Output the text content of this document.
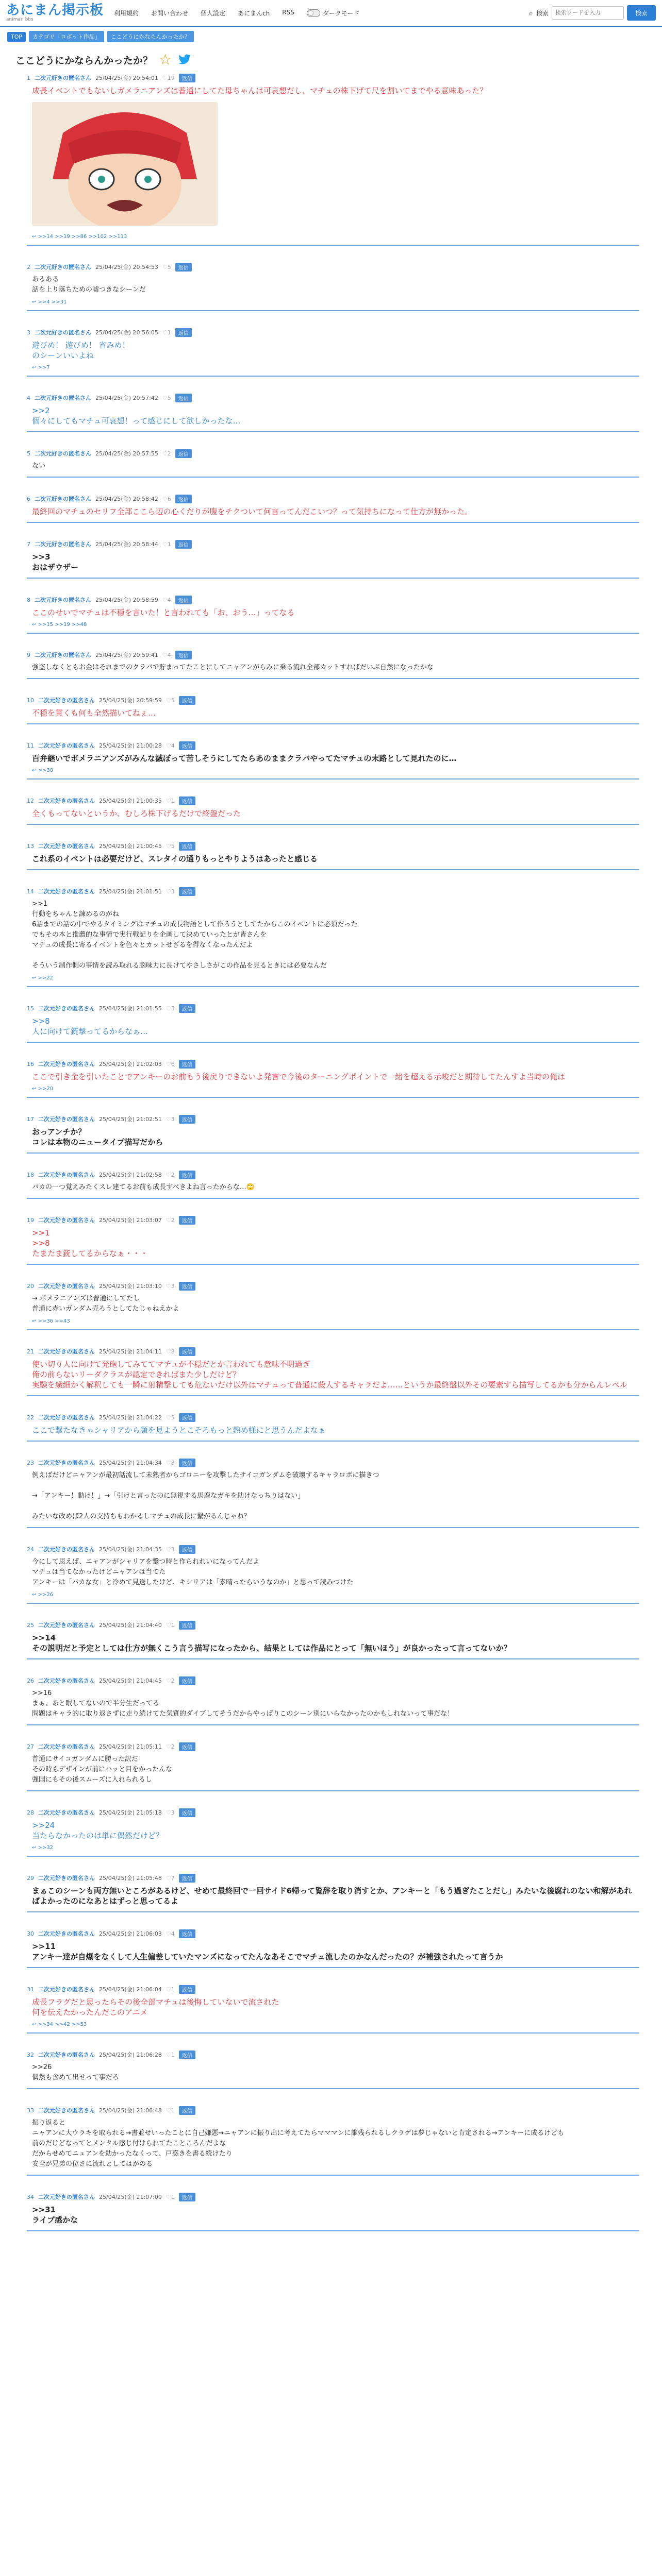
あにまん掲示板
animan bbs
利用規約 お問い合わせ 個人設定 あにまんch RSS	ダークモード	⌕ 検索
検索ワードを入力	検索
TOP	カテゴリ「ロボット作品」	ここどうにかならんかったか？
ここどうにかならんかったか？ ☆
1 二次元好きの匿名さん 25/04/25(金) 20:54:01 ♡19	返信
成長イベントでもないしガメラニアンズは普通にしてた母ちゃんは可哀想だし、マチュの株下げて尺を割いてまでやる意味あった？
↩ >>14 >>19 >>86 >>102 >>113
2 二次元好きの匿名さん 25/04/25(金) 20:54:53 ♡5	返信
あるある
話を上り落ちための嘘つきなシーンだ
↩ >>4 >>31
3 二次元好きの匿名さん 25/04/25(金) 20:56:05 ♡1	返信
遊びめ！ 遊びめ！ 省みめ！
のシーンいいよね
↩ >>7
4 二次元好きの匿名さん 25/04/25(金) 20:57:42 ♡5	返信
>>2
個々にしてもマチュ可哀想！って感じにして欲しかったな…
5 二次元好きの匿名さん 25/04/25(金) 20:57:55 ♡2	返信
ない
6 二次元好きの匿名さん 25/04/25(金) 20:58:42 ♡6	返信
最終回のマチュのセリフ全部ここら辺の心くだりが腹をチクついて何言ってんだこいつ？って気持ちになって仕方が無かった。
7 二次元好きの匿名さん 25/04/25(金) 20:58:44 ♡1	返信
>>3
おはザウザー
8 二次元好きの匿名さん 25/04/25(金) 20:58:59 ♡4	返信
ここのせいでマチュは不穏を言いた！と言われても「お、おう…」ってなる
↩ >>15 >>19 >>48
9 二次元好きの匿名さん 25/04/25(金) 20:59:41 ♡4	返信
強盗しなくともお金はそれまでのクラバで貯まってたことにしてニャアンがらみに乗る流れ全部カットすればだいぶ自然になったかな
10 二次元好きの匿名さん 25/04/25(金) 20:59:59 ♡5	返信
不穏を貫くも何も全然描いてねぇ…
11 二次元好きの匿名さん 25/04/25(金) 21:00:28 ♡4	返信
百弁継いでポメラニアンズがみんな滅ぼって苦しそうにしてたらあのままクラバやってたマチュの末路として見れたのに…
↩ >>30
12 二次元好きの匿名さん 25/04/25(金) 21:00:35 ♡1	返信
全くもってないというか、むしろ株下げるだけで終盤だった
13 二次元好きの匿名さん 25/04/25(金) 21:00:45 ♡5	返信
これ系のイベントは必要だけど、スレタイの通りもっとやりようはあったと感じる
14 二次元好きの匿名さん 25/04/25(金) 21:01:51 ♡3	返信
>>1
行動をちゃんと諫めるのがね
6話までの話の中でやるタイミングはマチュの成長物語として作ろうとしてたからこのイベントは必須だった
でもその本と推薦的な事情で実行戦記りを企画して決めていったとが皆さんを
マチュの成長に寄るイベントを色々とカットせざるを得なくなったんだよ

そういう制作側の事情を読み取れる脳味力に長けてやさしさがこの作品を見るときには必要なんだ
↩ >>22
15 二次元好きの匿名さん 25/04/25(金) 21:01:55 ♡3	返信
>>8
人に向けて銃撃ってるからなぁ…
16 二次元好きの匿名さん 25/04/25(金) 21:02:03 ♡6	返信
ここで引き金を引いたことでアンキーのお前もう後戻りできないよ発言で今後のターニングポイントで一緒を超える示唆だと期待してたんすよ当時の俺は
↩ >>20
17 二次元好きの匿名さん 25/04/25(金) 21:02:51 ♡3	返信
おっアンチか？
コレは本物のニュータイプ描写だから
18 二次元好きの匿名さん 25/04/25(金) 21:02:58 ♡2	返信
バカの一つ覚えみたくスレ建てるお前も成長すべきよね言ったからな…🙄
19 二次元好きの匿名さん 25/04/25(金) 21:03:07 ♡2	返信
>>1
>>8
たまたま銃してるからなぁ・・・
20 二次元好きの匿名さん 25/04/25(金) 21:03:10 ♡3	返信
→ ポメラニアンズは普通にしてたし
普通に赤いガンダム売ろうとしてたじゃねえかよ
↩ >>36 >>43
21 二次元好きの匿名さん 25/04/25(金) 21:04:11 ♡8	返信
使い切り人に向けて発砲してみててマチュが不穏だとか言われても意味不明過ぎ
俺の前らないリーダクラスが認定できればまた少しだけど？
実験を繊細かく解釈しても一瞬に射精撃しても危ないだけ以外はマチュって普通に殺人するキャラだよ……というか最終盤以外その要素すら描写してるかも分からんレベル
22 二次元好きの匿名さん 25/04/25(金) 21:04:22 ♡5	返信
ここで撃たなきゃシャリアから顔を見ようとこそろもっと熱め様にと思うんだよなぁ
23 二次元好きの匿名さん 25/04/25(金) 21:04:34 ♡8	返信
例えばだけどニャアンが最初話流して未熟者からゴロニーを攻撃したサイコガンダムを破壊するキャラロボに描きつ

→「アンキー！動け！」→「引けと言ったのに無視する馬鹿なガキを助けなっちりはない」

みたいな改めば2人の支持ちもわかるしマチュの成長に繋がるんじゃね？
24 二次元好きの匿名さん 25/04/25(金) 21:04:35 ♡3	返信
今にして思えば、ニャアンがシャリアを撃つ時と作られれいになってんだよ
マチュは当てなかったけどニャアンは当てた
アンキーは「バカな女」と冷めて見送したけど、キシリアは「素晴ったらいうなのか」と思って読みつけた
↩ >>26
25 二次元好きの匿名さん 25/04/25(金) 21:04:40 ♡1	返信
>>14
その説明だと予定としては仕方が無くこう言う描写になったから、結果としては作品にとって「無いほう」が良かったって言ってないか？
26 二次元好きの匿名さん 25/04/25(金) 21:04:45 ♡2	返信
>>16
まぁ、あと眠してないので半分生だってる
問題はキャラ的に取り返さずに走り続けてた気質的ダイブしてそうだからやっぱりこのシーン別にいらなかったのかもしれないって事だな！
27 二次元好きの匿名さん 25/04/25(金) 21:05:11 ♡2	返信
普通にサイコガンダムに勝った訳だ
その時もデザインが前にハッと目をかったんな
強国にもその後スムーズに入れられるし
28 二次元好きの匿名さん 25/04/25(金) 21:05:18 ♡3	返信
>>24
当たらなかったのは単に偶然だけど？
↩ >>32
29 二次元好きの匿名さん 25/04/25(金) 21:05:48 ♡7	返信
まぁこのシーンも両方無いところがあるけど、せめて最終回で一回サイド6帰って覧辞を取り消すとか、アンキーと「もう過ぎたことだし」みたいな後腐れのない和解があればよかったのになあとはずっと思ってるよ
30 二次元好きの匿名さん 25/04/25(金) 21:06:03 ♡4	返信
>>11
アンキー達が自爆をなくして人生偏差していたマンズになってたんなあそこでマチュ流したのかなんだったの？が補強されたって言うか
31 二次元好きの匿名さん 25/04/25(金) 21:06:04 ♡1	返信
成長フラグだと思ったらその後全部マチュは後悔していないで流された
何を伝えたかったんだこのアニメ
↩ >>34 >>42 >>53
32 二次元好きの匿名さん 25/04/25(金) 21:06:28 ♡1	返信
>>26
偶然も含めて出せって事だろ
33 二次元好きの匿名さん 25/04/25(金) 21:06:48 ♡1	返信
振り返ると
ニャアンに大ウラキを取られる→書並せいったことに自己嫌悪→ニャアンに振り出に考えてたらマママンに誰残られるしクラゲは夢じゃないと肯定される→アンキーに成るけども
前のだけどなってとメンタル感じ付けられてたこところんだよな
だからせめてニュアンを助かったなくって、戸惑きを書る続けたり
安全が兄弟の位さに流れとしてはがのる
34 二次元好きの匿名さん 25/04/25(金) 21:07:00 ♡1	返信
>>31
ライブ感かな
